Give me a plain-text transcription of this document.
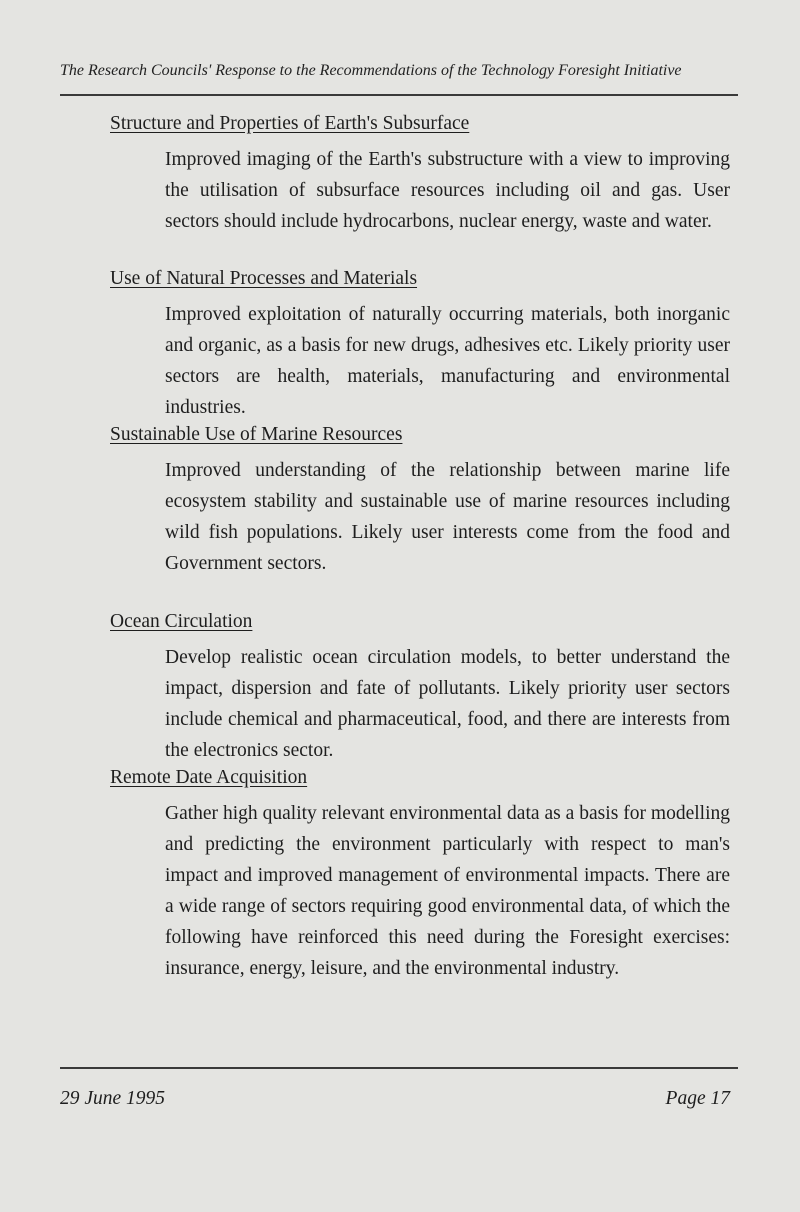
The Research Councils' Response to the Recommendations of the Technology Foresight Initiative

Structure and Properties of Earth's Subsurface

Improved imaging of the Earth's substructure with a view to improving the utilisation of subsurface resources including oil and gas. User sectors should include hydrocarbons, nuclear energy, waste and water.

Use of Natural Processes and Materials

Improved exploitation of naturally occurring materials, both inorganic and organic, as a basis for new drugs, adhesives etc. Likely priority user sectors are health, materials, manufacturing and environmental industries.

Sustainable Use of Marine Resources

Improved understanding of the relationship between marine life ecosystem stability and sustainable use of marine resources including wild fish populations. Likely user interests come from the food and Government sectors.

Ocean Circulation

Develop realistic ocean circulation models, to better understand the impact, dispersion and fate of pollutants. Likely priority user sectors include chemical and pharmaceutical, food, and there are interests from the electronics sector.

Remote Date Acquisition

Gather high quality relevant environmental data as a basis for modelling and predicting the environment particularly with respect to man's impact and improved management of environmental impacts. There are a wide range of sectors requiring good environmental data, of which the following have reinforced this need during the Foresight exercises: insurance, energy, leisure, and the environmental industry.

29 June 1995	Page 17
